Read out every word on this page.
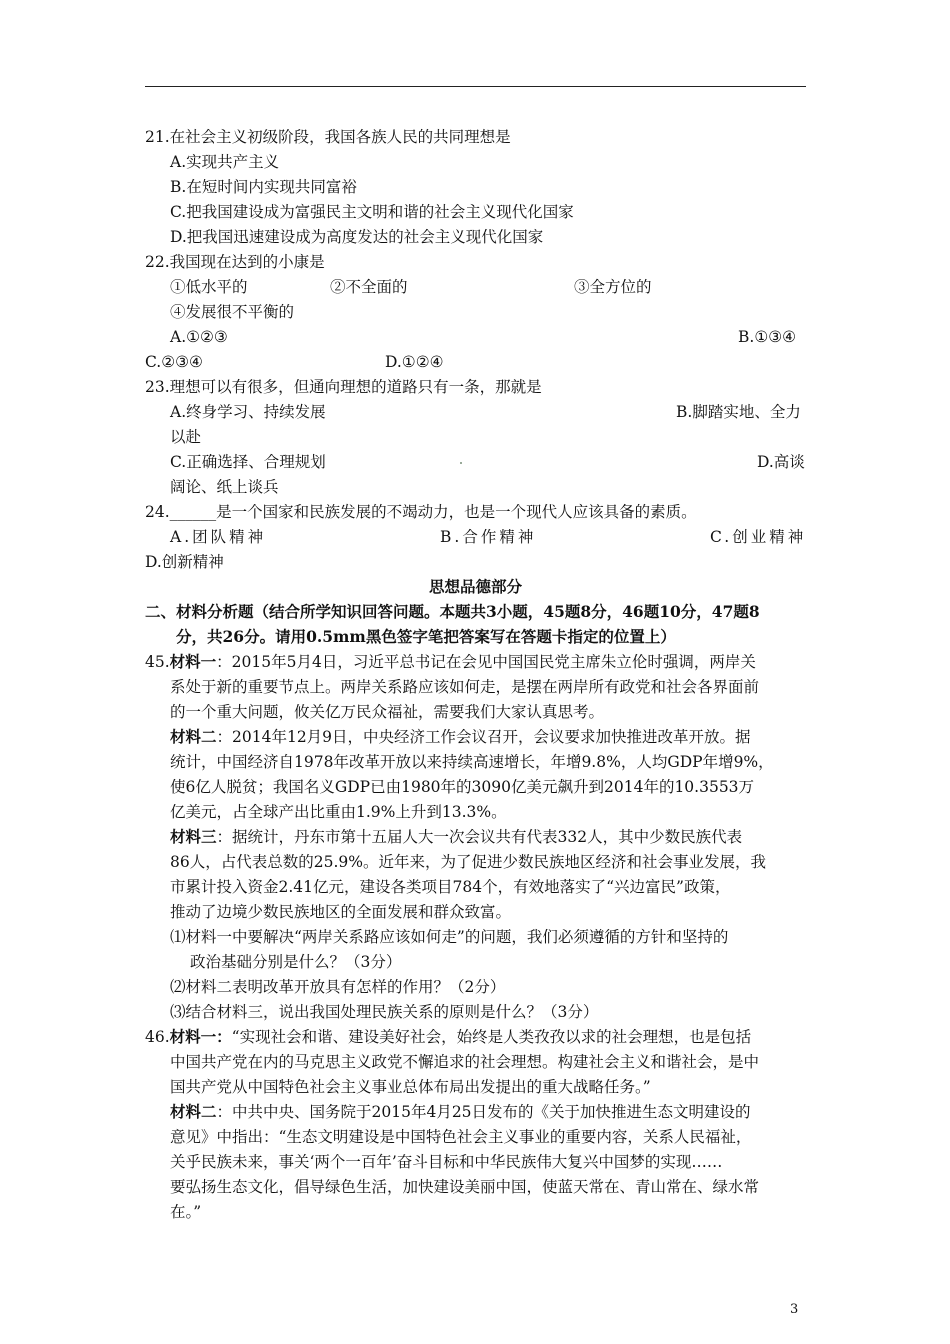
21.在社会主义初级阶段，我国各族人民的共同理想是
A.实现共产主义
B.在短时间内实现共同富裕
C.把我国建设成为富强民主文明和谐的社会主义现代化国家
D.把我国迅速建设成为高度发达的社会主义现代化国家
22.我国现在达到的小康是
①低水平的	②不全面的	③全方位的
④发展很不平衡的
A.①②③	B.①③④
C.②③④	D.①②④
23.理想可以有很多，但通向理想的道路只有一条，那就是
A.终身学习、持续发展	B.脚踏实地、全力
以赴
C.正确选择、合理规划	D.高谈
阔论、纸上谈兵
24.______是一个国家和民族发展的不竭动力，也是一个现代人应该具备的素质。
A.团队精神	B.合作精神	C.创业精神
D.创新精神
思想品德部分
二、材料分析题（结合所学知识回答问题。本题共3小题，45题8分，46题10分，47题8
分，共26分。请用0.5mm黑色签字笔把答案写在答题卡指定的位置上）
45.材料一：2015年5月4日，习近平总书记在会见中国国民党主席朱立伦时强调，两岸关
系处于新的重要节点上。两岸关系路应该如何走，是摆在两岸所有政党和社会各界面前
的一个重大问题，攸关亿万民众福祉，需要我们大家认真思考。
材料二：2014年12月9日，中央经济工作会议召开，会议要求加快推进改革开放。据
统计，中国经济自1978年改革开放以来持续高速增长，年增9.8%，人均GDP年增9%，
使6亿人脱贫；我国名义GDP已由1980年的3090亿美元飙升到2014年的10.3553万
亿美元，占全球产出比重由1.9%上升到13.3%。
材料三：据统计，丹东市第十五届人大一次会议共有代表332人，其中少数民族代表
86人，占代表总数的25.9%。近年来，为了促进少数民族地区经济和社会事业发展，我
市累计投入资金2.41亿元，建设各类项目784个，有效地落实了“兴边富民”政策，
推动了边境少数民族地区的全面发展和群众致富。
⑴材料一中要解决“两岸关系路应该如何走”的问题，我们必须遵循的方针和坚持的
政治基础分别是什么？（3分）
⑵材料二表明改革开放具有怎样的作用？（2分）
⑶结合材料三，说出我国处理民族关系的原则是什么？（3分）
46.材料一：“实现社会和谐、建设美好社会，始终是人类孜孜以求的社会理想，也是包括
中国共产党在内的马克思主义政党不懈追求的社会理想。构建社会主义和谐社会，是中
国共产党从中国特色社会主义事业总体布局出发提出的重大战略任务。”
材料二：中共中央、国务院于2015年4月25日发布的《关于加快推进生态文明建设的
意见》中指出：“生态文明建设是中国特色社会主义事业的重要内容，关系人民福祉，
关乎民族未来，事关‘两个一百年’奋斗目标和中华民族伟大复兴中国梦的实现……
要弘扬生态文化，倡导绿色生活，加快建设美丽中国，使蓝天常在、青山常在、绿水常
在。”
3
